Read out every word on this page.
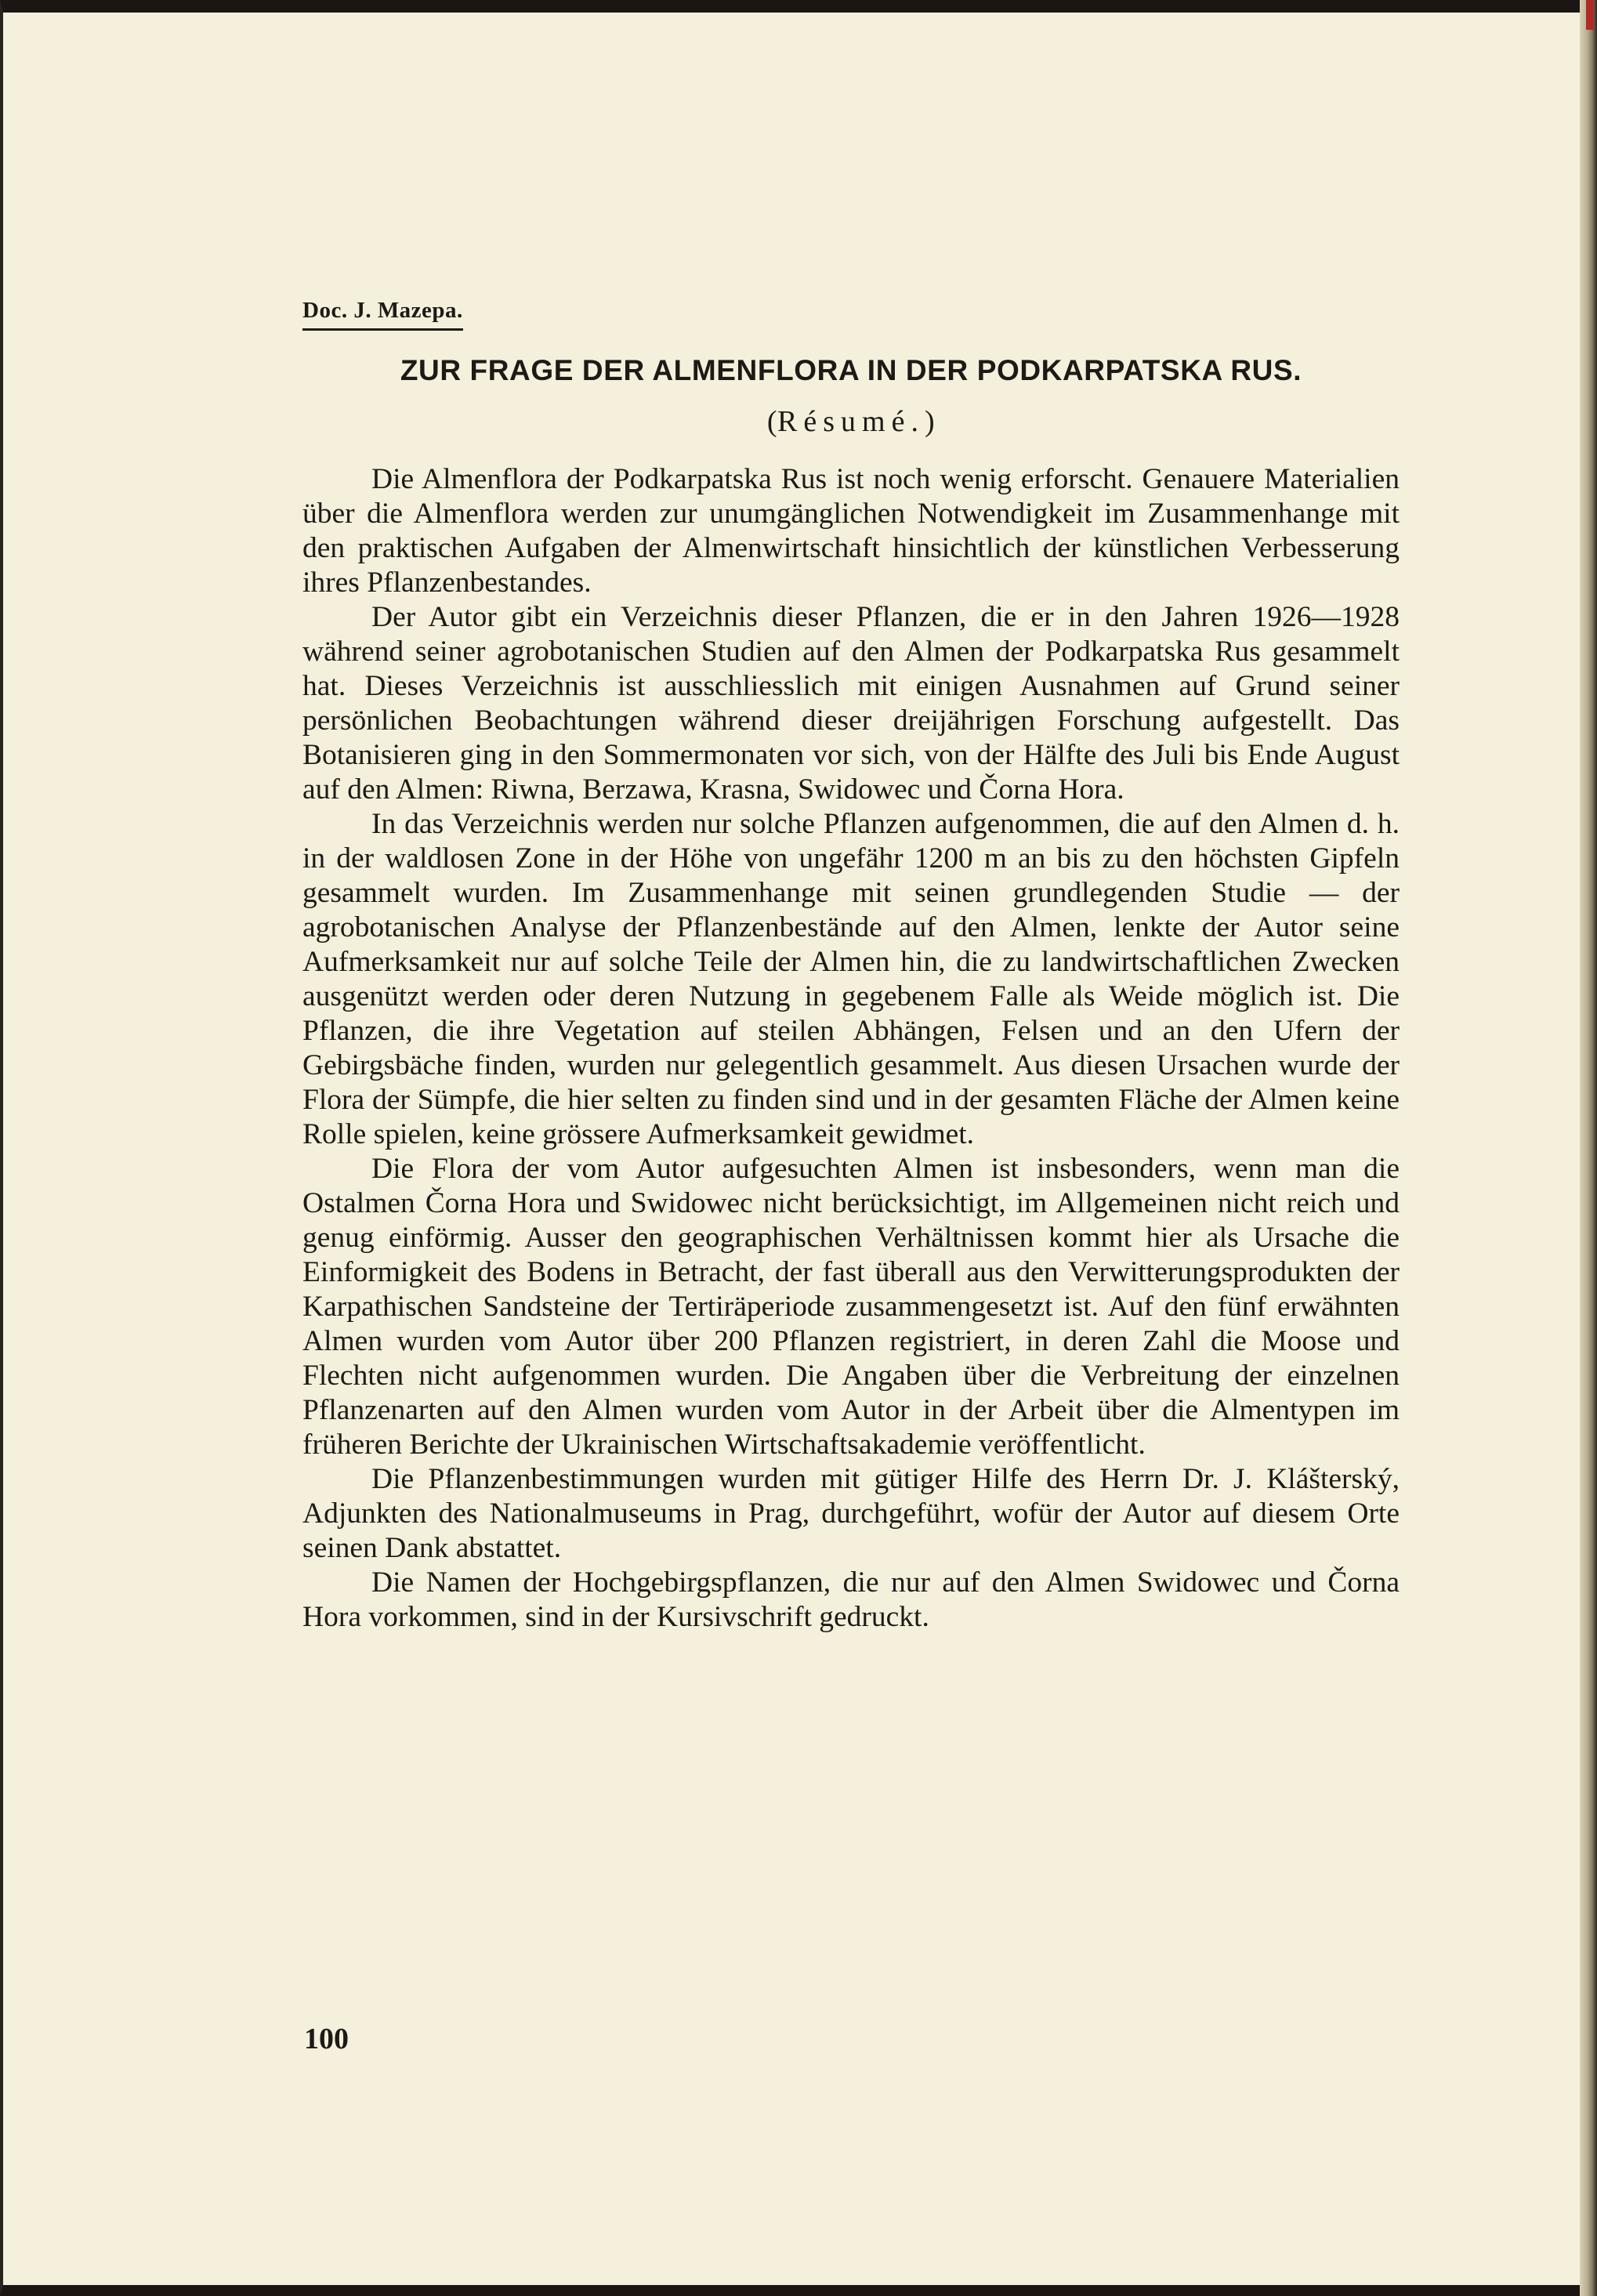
Doc. J. Mazepa.
ZUR FRAGE DER ALMENFLORA IN DER PODKARPATSKA RUS.
(Résumé.)

Die Almenflora der Podkarpatska Rus ist noch wenig erforscht. Genauere Materialien über die Almenflora werden zur unumgänglichen Notwendigkeit im Zusammenhange mit den praktischen Aufgaben der Almenwirtschaft hinsichtlich der künstlichen Verbesserung ihres Pflanzenbestandes.

Der Autor gibt ein Verzeichnis dieser Pflanzen, die er in den Jahren 1926—1928 während seiner agrobotanischen Studien auf den Almen der Podkarpatska Rus gesammelt hat. Dieses Verzeichnis ist ausschliesslich mit einigen Ausnahmen auf Grund seiner persönlichen Beobachtungen während dieser dreijährigen Forschung aufgestellt. Das Botanisieren ging in den Sommermonaten vor sich, von der Hälfte des Juli bis Ende August auf den Almen: Riwna, Berzawa, Krasna, Swidowec und Čorna Hora.

In das Verzeichnis werden nur solche Pflanzen aufgenommen, die auf den Almen d. h. in der waldlosen Zone in der Höhe von ungefähr 1200 m an bis zu den höchsten Gipfeln gesammelt wurden. Im Zusammenhange mit seinen grundlegenden Studie — der agrobotanischen Analyse der Pflanzenbestände auf den Almen, lenkte der Autor seine Aufmerksamkeit nur auf solche Teile der Almen hin, die zu landwirtschaftlichen Zwecken ausgenützt werden oder deren Nutzung in gegebenem Falle als Weide möglich ist. Die Pflanzen, die ihre Vegetation auf steilen Abhängen, Felsen und an den Ufern der Gebirgsbäche finden, wurden nur gelegentlich gesammelt. Aus diesen Ursachen wurde der Flora der Sümpfe, die hier selten zu finden sind und in der gesamten Fläche der Almen keine Rolle spielen, keine grössere Aufmerksamkeit gewidmet.

Die Flora der vom Autor aufgesuchten Almen ist insbesonders, wenn man die Ostalmen Čorna Hora und Swidowec nicht berücksichtigt, im Allgemeinen nicht reich und genug einförmig. Ausser den geographischen Verhältnissen kommt hier als Ursache die Einformigkeit des Bodens in Betracht, der fast überall aus den Verwitterungsprodukten der Karpathischen Sandsteine der Tertiräperiode zusammengesetzt ist. Auf den fünf erwähnten Almen wurden vom Autor über 200 Pflanzen registriert, in deren Zahl die Moose und Flechten nicht aufgenommen wurden. Die Angaben über die Verbreitung der einzelnen Pflanzenarten auf den Almen wurden vom Autor in der Arbeit über die Almentypen im früheren Berichte der Ukrainischen Wirtschaftsakademie veröffentlicht.

Die Pflanzenbestimmungen wurden mit gütiger Hilfe des Herrn Dr. J. Klášterský, Adjunkten des Nationalmuseums in Prag, durchgeführt, wofür der Autor auf diesem Orte seinen Dank abstattet.

Die Namen der Hochgebirgspflanzen, die nur auf den Almen Swidowec und Čorna Hora vorkommen, sind in der Kursivschrift gedruckt.

100
